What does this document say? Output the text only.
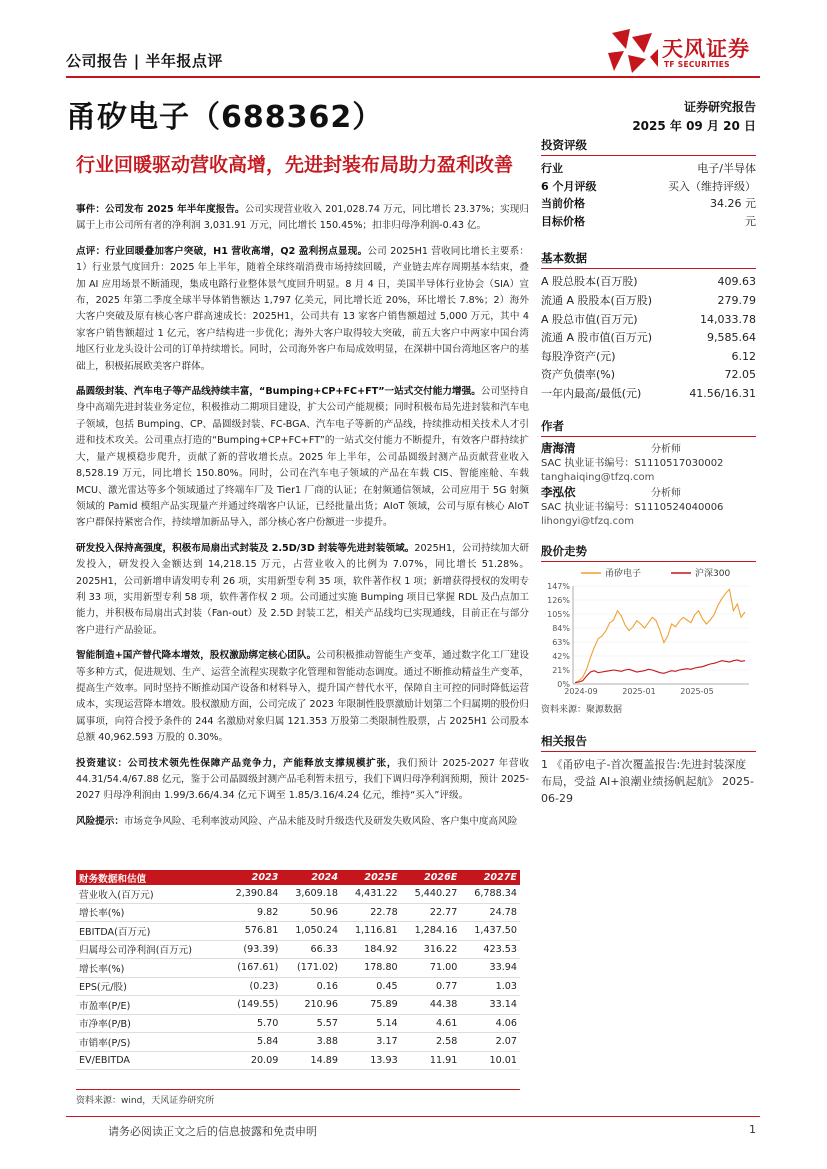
公司报告 | 半年报点评	天风证券
TF SECURITIES
甬矽电子（688362）	证券研究报告
2025 年 09 月 20 日
行业回暖驱动营收高增，先进封装布局助力盈利改善

事件：公司发布 2025 年半年度报告。公司实现营业收入 201,028.74 万元，同比增长 23.37%；实现归属于上市公司所有者的净利润 3,031.91 万元，同比增长 150.45%；扣非归母净利润-0.43 亿。

点评：行业回暖叠加客户突破，H1 营收高增，Q2 盈利拐点显现。公司 2025H1 营收同比增长主要系：1）行业景气度回升：2025 年上半年，随着全球终端消费市场持续回暖，产业链去库存周期基本结束，叠加 AI 应用场景不断涌现，集成电路行业整体景气度回升明显。8 月 4 日，美国半导体行业协会（SIA）宣布，2025 年第二季度全球半导体销售额达 1,797 亿美元，同比增长近 20%，环比增长 7.8%；2）海外大客户突破及原有核心客户群高速成长：2025H1，公司共有 13 家客户销售额超过 5,000 万元，其中 4 家客户销售额超过 1 亿元，客户结构进一步优化；海外大客户取得较大突破，前五大客户中两家中国台湾地区行业龙头设计公司的订单持续增长。同时，公司海外客户布局成效明显，在深耕中国台湾地区客户的基础上，积极拓展欧美客户群体。

晶圆级封装、汽车电子等产品线持续丰富，“Bumping+CP+FC+FT”一站式交付能力增强。公司坚持自身中高端先进封装业务定位，积极推动二期项目建设，扩大公司产能规模；同时积极布局先进封装和汽车电子领域，包括 Bumping、CP、晶圆级封装、FC-BGA、汽车电子等新的产品线，持续推动相关技术人才引进和技术攻关。公司重点打造的“Bumping+CP+FC+FT”的一站式交付能力不断提升，有效客户群持续扩大，量产规模稳步爬升，贡献了新的营收增长点。2025 年上半年，公司晶圆级封测产品贡献营业收入 8,528.19 万元，同比增长 150.80%。同时，公司在汽车电子领域的产品在车载 CIS、智能座舱、车载 MCU、激光雷达等多个领域通过了终端车厂及 Tier1 厂商的认证；在射频通信领域，公司应用于 5G 射频领域的 Pamid 模组产品实现量产并通过终端客户认证，已经批量出货；AIoT 领域，公司与原有核心 AIoT 客户群保持紧密合作，持续增加新品导入，部分核心客户份额进一步提升。

研发投入保持高强度，积极布局扇出式封装及 2.5D/3D 封装等先进封装领域。2025H1，公司持续加大研发投入，研发投入金额达到 14,218.15 万元，占营业收入的比例为 7.07%，同比增长 51.28%。2025H1，公司新增申请发明专利 26 项，实用新型专利 35 项，软件著作权 1 项；新增获得授权的发明专利 33 项，实用新型专利 58 项，软件著作权 2 项。公司通过实施 Bumping 项目已掌握 RDL 及凸点加工能力，并积极布局扇出式封装（Fan-out）及 2.5D 封装工艺，相关产品线均已实现通线，目前正在与部分客户进行产品验证。

智能制造+国产替代降本增效，股权激励绑定核心团队。公司积极推动智能生产变革，通过数字化工厂建设等多种方式，促进规划、生产、运营全流程实现数字化管理和智能动态调度。通过不断推动精益生产变革，提高生产效率。同时坚持不断推动国产设备和材料导入，提升国产替代水平，保障自主可控的同时降低运营成本，实现运营降本增效。股权激励方面，公司完成了 2023 年限制性股票激励计划第二个归属期的股份归属事项，向符合授予条件的 244 名激励对象归属 121.353 万股第二类限制性股票，占 2025H1 公司股本总额 40,962.593 万股的 0.30%。

投资建议：公司技术领先性保障产品竞争力，产能释放支撑规模扩张，我们预计 2025-2027 年营收 44.31/54.4/67.88 亿元，鉴于公司晶圆级封测产品毛利暂未扭亏，我们下调归母净利润预期，预计 2025-2027 归母净利润由 1.99/3.66/4.34 亿元下调至 1.85/3.16/4.24 亿元，维持“买入”评级。

风险提示：市场竞争风险、毛利率波动风险、产品未能及时升级迭代及研发失败风险、客户集中度高风险

财务数据和估值	2023	2024	2025E	2026E	2027E
营业收入(百万元)	2,390.84	3,609.18	4,431.22	5,440.27	6,788.34
增长率(%)	9.82	50.96	22.78	22.77	24.78
EBITDA(百万元)	576.81	1,050.24	1,116.81	1,284.16	1,437.50
归属母公司净利润(百万元)	(93.39)	66.33	184.92	316.22	423.53
增长率(%)	(167.61)	(171.02)	178.80	71.00	33.94
EPS(元/股)	(0.23)	0.16	0.45	0.77	1.03
市盈率(P/E)	(149.55)	210.96	75.89	44.38	33.14
市净率(P/B)	5.70	5.57	5.14	4.61	4.06
市销率(P/S)	5.84	3.88	3.17	2.58	2.07
EV/EBITDA	20.09	14.89	13.93	11.91	10.01
资料来源：wind，天风证券研究所
投资评级
行业	电子/半导体
6 个月评级	买入（维持评级）
当前价格	34.26 元
目标价格	元
基本数据
A 股总股本(百万股)	409.63
流通 A 股股本(百万股)	279.79
A 股总市值(百万元)	14,033.78
流通 A 股市值(百万元)	9,585.64
每股净资产(元)	6.12
资产负债率(%)	72.05
一年内最高/最低(元)	41.56/16.31
作者
唐海清	分析师
SAC 执业证书编号：S1110517030002
tanghaiqing@tfzq.com
李泓依	分析师
SAC 执业证书编号：S1110524040006
lihongyi@tfzq.com
股价走势
甬矽电子	沪深300
0%
21%
42%
63%
84%
105%
126%
147%
2024-09	2025-01	2025-05
资料来源：聚源数据
相关报告
1 《甬矽电子-首次覆盖报告:先进封装深度布局，受益 AI+浪潮业绩扬帆起航》 2025-06-29
请务必阅读正文之后的信息披露和免责申明	1
